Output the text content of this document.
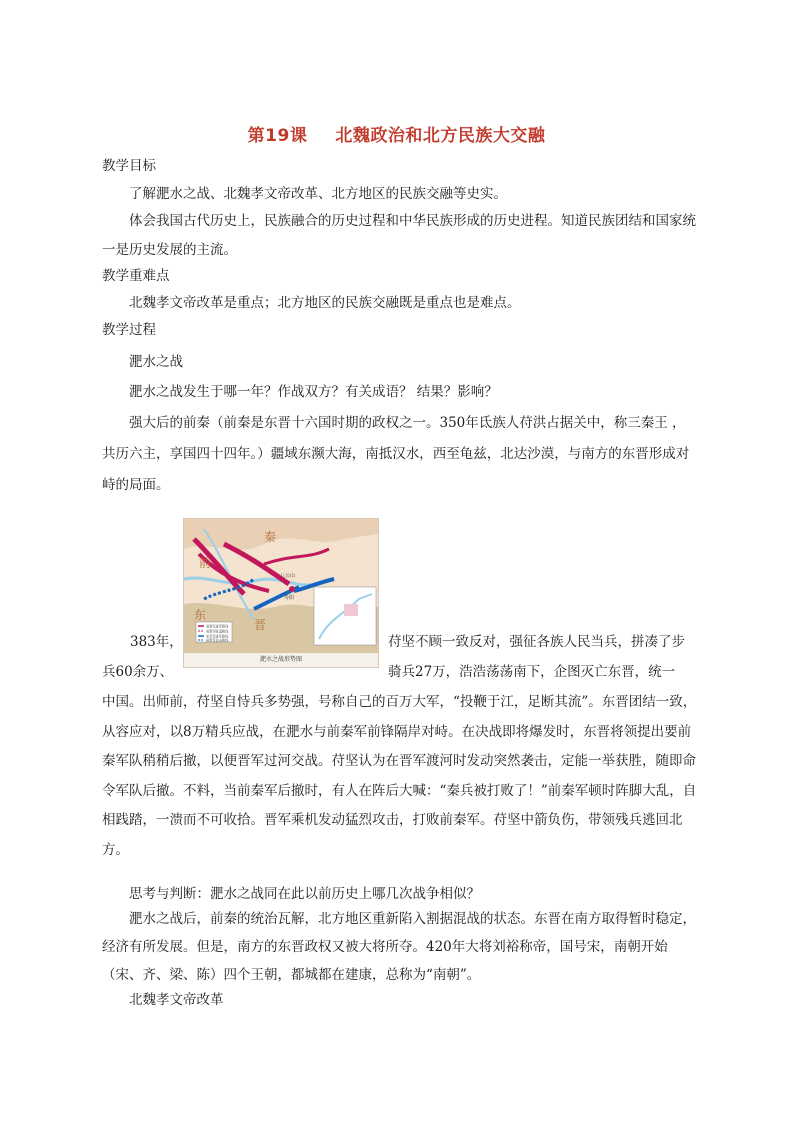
第19课 北魏政治和北方民族大交融

教学目标

了解淝水之战、北魏孝文帝改革、北方地区的民族交融等史实。

体会我国古代历史上，民族融合的历史过程和中华民族形成的历史进程。知道民族团结和国家统一是历史发展的主流。

教学重难点

北魏孝文帝改革是重点；北方地区的民族交融既是重点也是难点。

教学过程

淝水之战

淝水之战发生于哪一年？作战双方？有关成语？ 结果？影响？

强大后的前秦（前秦是东晋十六国时期的政权之一。350年氐族人苻洪占据关中，称三秦王 ，共历六主，享国四十四年。）疆域东濒大海，南抵汉水，西至龟兹，北达沙漠，与南方的东晋形成对峙的局面。

前
秦
东
晋
八公山
寿阳
前秦军进军路线
前秦军败退路线
东晋军进军路线
前秦军追击路线
淝水之战形势图

383年，

兵60余万、

苻坚不顾一致反对，强征各族人民当兵，拼凑了步

骑兵27万，浩浩荡荡南下，企图灭亡东晋，统一

中国。出师前，苻坚自恃兵多势强，号称自己的百万大军，“投鞭于江，足断其流”。东晋团结一致，从容应对，以8万精兵应战，在淝水与前秦军前锋隔岸对峙。在决战即将爆发时，东晋将领提出要前秦军队稍稍后撤，以便晋军过河交战。苻坚认为在晋军渡河时发动突然袭击，定能一举获胜，随即命令军队后撤。不料，当前秦军后撤时，有人在阵后大喊：“秦兵被打败了！”前秦军顿时阵脚大乱，自相践踏，一溃而不可收拾。晋军乘机发动猛烈攻击，打败前秦军。苻坚中箭负伤，带领残兵逃回北方。

思考与判断：淝水之战同在此以前历史上哪几次战争相似？

淝水之战后，前秦的统治瓦解，北方地区重新陷入割据混战的状态。东晋在南方取得暂时稳定，经济有所发展。但是，南方的东晋政权又被大将所夺。420年大将刘裕称帝，国号宋，南朝开始（宋、齐、梁、陈）四个王朝，都城都在建康，总称为“南朝”。

北魏孝文帝改革
